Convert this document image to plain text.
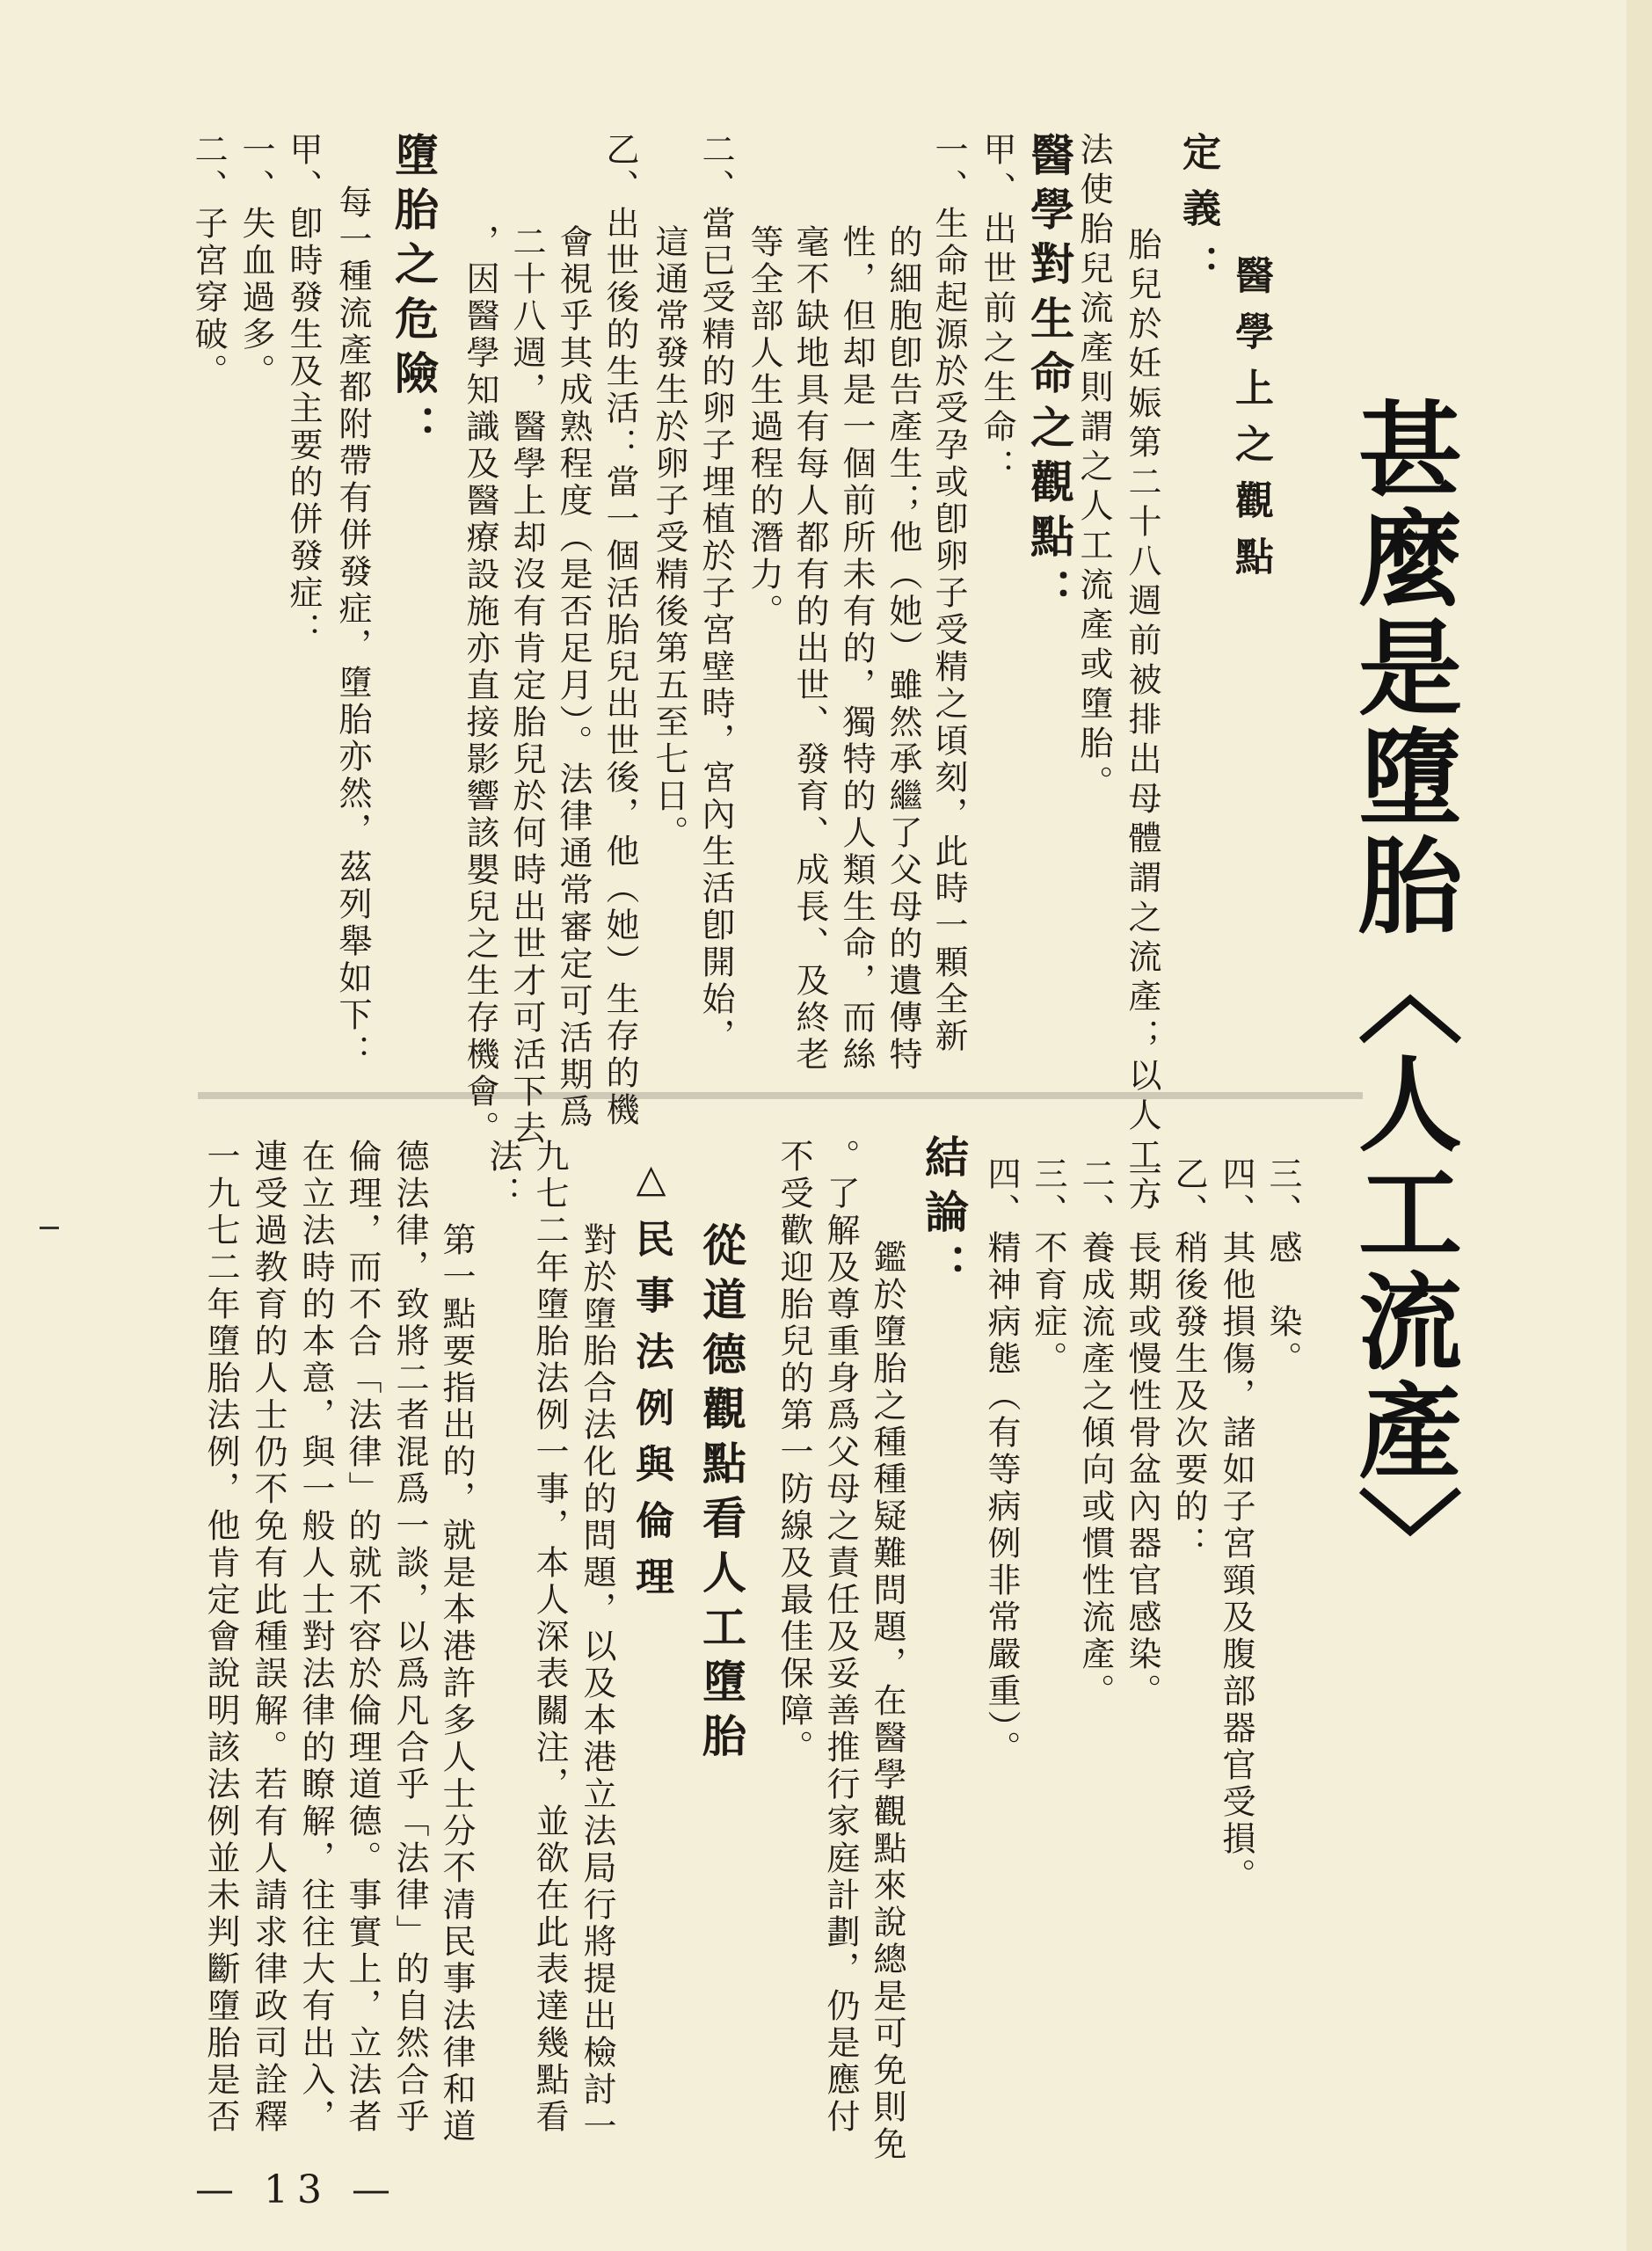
甚麼是墮胎〈人工流產〉
醫學上之觀點
定義：
胎兒於妊娠第二十八週前被排出母體謂之流產；以人工方
法使胎兒流產則謂之人工流產或墮胎。
醫學對生命之觀點：
甲、出世前之生命：
一、生命起源於受孕或卽卵子受精之頃刻，此時一顆全新
的細胞卽告產生；他（她）雖然承繼了父母的遺傳特
性，但却是一個前所未有的，獨特的人類生命，而絲
毫不缺地具有每人都有的出世、發育、成長、及終老
等全部人生過程的潛力。
二、當已受精的卵子埋植於子宮壁時，宮內生活卽開始，
這通常發生於卵子受精後第五至七日。
乙、出世後的生活：當一個活胎兒出世後，他（她）生存的機
會視乎其成熟程度（是否足月）。法律通常審定可活期爲
二十八週，醫學上却沒有肯定胎兒於何時出世才可活下去
，因醫學知識及醫療設施亦直接影響該嬰兒之生存機會。
墮胎之危險：
每一種流產都附帶有併發症，墮胎亦然，茲列舉如下：
甲、卽時發生及主要的併發症：
一、失血過多。
二、子宮穿破。
三、感　染。
四、其他損傷，諸如子宮頸及腹部器官受損。
乙、稍後發生及次要的：
一、長期或慢性骨盆內器官感染。
二、養成流產之傾向或慣性流產。
三、不育症。
四、精神病態（有等病例非常嚴重）。
結論：
鑑於墮胎之種種疑難問題，在醫學觀點來說總是可免則免
。了解及尊重身爲父母之責任及妥善推行家庭計劃，仍是應付
不受歡迎胎兒的第一防線及最佳保障。
從道德觀點看人工墮胎
△民事法例與倫理
對於墮胎合法化的問題，以及本港立法局行將提出檢討一
九七二年墮胎法例一事，本人深表關注，並欲在此表達幾點看
法：
第一點要指出的，就是本港許多人士分不清民事法律和道
德法律，致將二者混爲一談，以爲凡合乎「法律」的自然合乎
倫理，而不合「法律」的就不容於倫理道德。事實上，立法者
在立法時的本意，與一般人士對法律的瞭解，往往大有出入，
連受過教育的人士仍不免有此種誤解。若有人請求律政司詮釋
一九七二年墮胎法例，他肯定會說明該法例並未判斷墮胎是否
— 13 —
